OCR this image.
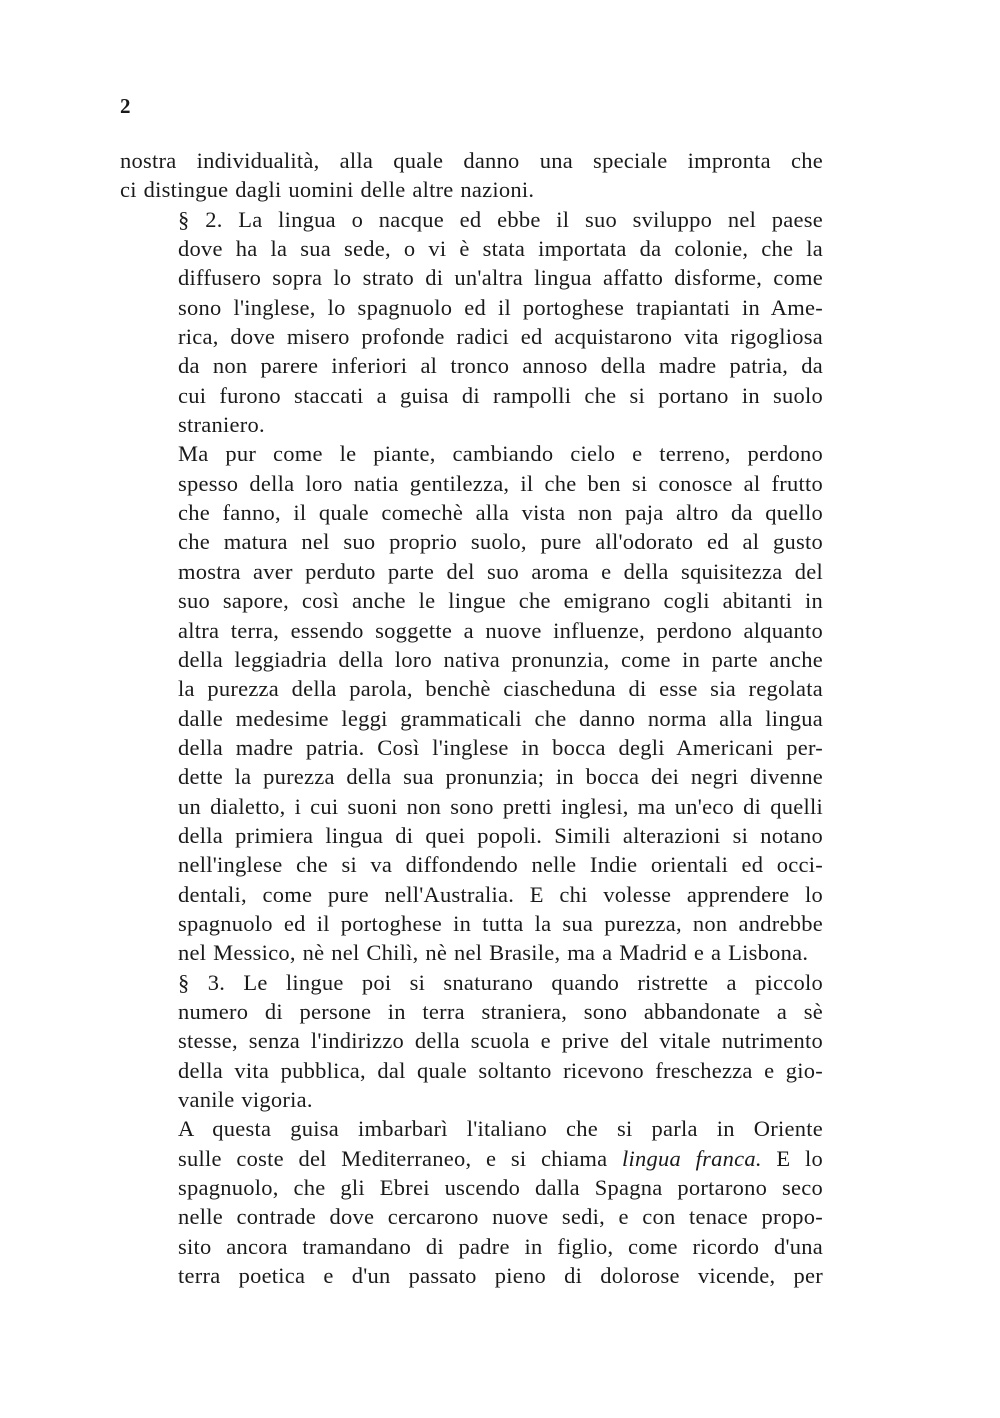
2

nostra individualità, alla quale danno una speciale impronta che
ci distingue dagli uomini delle altre nazioni.

§ 2. La lingua o nacque ed ebbe il suo sviluppo nel paese
dove ha la sua sede, o vi è stata importata da colonie, che la
diffusero sopra lo strato di un'altra lingua affatto disforme, come
sono l'inglese, lo spagnuolo ed il portoghese trapiantati in Ame-
rica, dove misero profonde radici ed acquistarono vita rigogliosa
da non parere inferiori al tronco annoso della madre patria, da
cui furono staccati a guisa di rampolli che si portano in suolo
straniero.

Ma pur come le piante, cambiando cielo e terreno, perdono
spesso della loro natia gentilezza, il che ben si conosce al frutto
che fanno, il quale comechè alla vista non paja altro da quello
che matura nel suo proprio suolo, pure all'odorato ed al gusto
mostra aver perduto parte del suo aroma e della squisitezza del
suo sapore, così anche le lingue che emigrano cogli abitanti in
altra terra, essendo soggette a nuove influenze, perdono alquanto
della leggiadria della loro nativa pronunzia, come in parte anche
la purezza della parola, benchè ciascheduna di esse sia regolata
dalle medesime leggi grammaticali che danno norma alla lingua
della madre patria. Così l'inglese in bocca degli Americani per-
dette la purezza della sua pronunzia; in bocca dei negri divenne
un dialetto, i cui suoni non sono pretti inglesi, ma un'eco di quelli
della primiera lingua di quei popoli. Simili alterazioni si notano
nell'inglese che si va diffondendo nelle Indie orientali ed occi-
dentali, come pure nell'Australia. E chi volesse apprendere lo
spagnuolo ed il portoghese in tutta la sua purezza, non andrebbe
nel Messico, nè nel Chilì, nè nel Brasile, ma a Madrid e a Lisbona.

§ 3. Le lingue poi si snaturano quando ristrette a piccolo
numero di persone in terra straniera, sono abbandonate a sè
stesse, senza l'indirizzo della scuola e prive del vitale nutrimento
della vita pubblica, dal quale soltanto ricevono freschezza e gio-
vanile vigoria.

A questa guisa imbarbarì l'italiano che si parla in Oriente
sulle coste del Mediterraneo, e si chiama lingua franca. E lo
spagnuolo, che gli Ebrei uscendo dalla Spagna portarono seco
nelle contrade dove cercarono nuove sedi, e con tenace propo-
sito ancora tramandano di padre in figlio, come ricordo d'una
terra poetica e d'un passato pieno di dolorose vicende, per
